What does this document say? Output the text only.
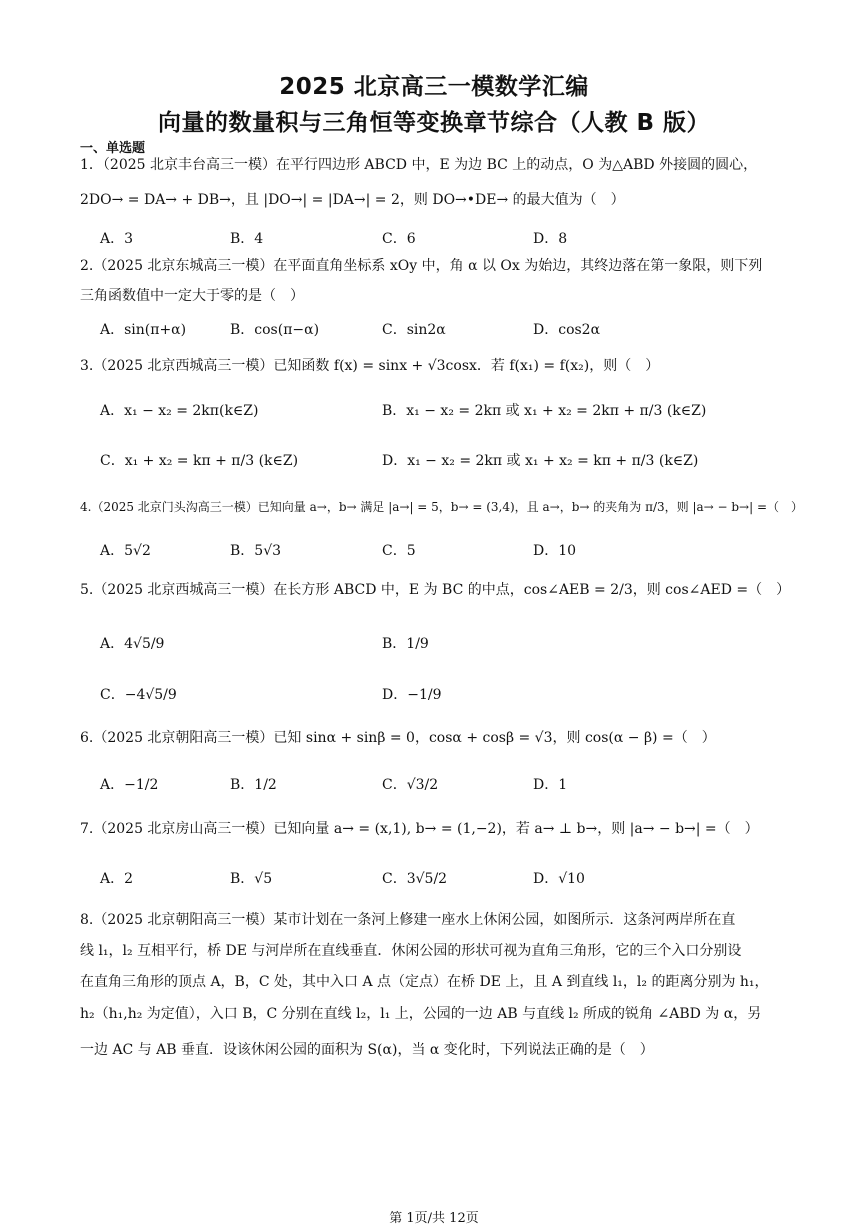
2025 北京高三一模数学汇编
向量的数量积与三角恒等变换章节综合（人教 B 版）
一、单选题
1．（2025 北京丰台高三一模）在平行四边形 ABCD 中，E 为边 BC 上的动点，O 为△ABD 外接圆的圆心，
2DO→ = DA→ + DB→，且 |DO→| = |DA→| = 2，则 DO→•DE→ 的最大值为（　）
A．3	B．4	C．6	D．8
2.（2025 北京东城高三一模）在平面直角坐标系 xOy 中，角 α 以 Ox 为始边，其终边落在第一象限，则下列
三角函数值中一定大于零的是（　）
A．sin(π+α)	B．cos(π−α)	C．sin2α	D．cos2α
3.（2025 北京西城高三一模）已知函数 f(x) = sinx + √3cosx．若 f(x₁) = f(x₂)，则（　）
A．x₁ − x₂ = 2kπ(k∈Z)	B．x₁ − x₂ = 2kπ 或 x₁ + x₂ = 2kπ + π/3 (k∈Z)
C．x₁ + x₂ = kπ + π/3 (k∈Z)	D．x₁ − x₂ = 2kπ 或 x₁ + x₂ = kπ + π/3 (k∈Z)
4.（2025 北京门头沟高三一模）已知向量 a→，b→ 满足 |a→| = 5，b→ = (3,4)，且 a→，b→ 的夹角为 π/3，则 |a→ − b→| =（　）
A．5√2	B．5√3	C．5	D．10
5.（2025 北京西城高三一模）在长方形 ABCD 中，E 为 BC 的中点，cos∠AEB = 2/3，则 cos∠AED =（　）
A．4√5/9	B．1/9
C．−4√5/9	D．−1/9
6.（2025 北京朝阳高三一模）已知 sinα + sinβ = 0，cosα + cosβ = √3，则 cos(α − β) =（　）
A．−1/2	B．1/2	C．√3/2	D．1
7.（2025 北京房山高三一模）已知向量 a→ = (x,1), b→ = (1,−2)，若 a→ ⊥ b→，则 |a→ − b→| =（　）
A．2	B．√5	C．3√5/2	D．√10
8.（2025 北京朝阳高三一模）某市计划在一条河上修建一座水上休闲公园，如图所示．这条河两岸所在直
线 l₁，l₂ 互相平行，桥 DE 与河岸所在直线垂直．休闲公园的形状可视为直角三角形，它的三个入口分别设
在直角三角形的顶点 A，B，C 处，其中入口 A 点（定点）在桥 DE 上，且 A 到直线 l₁，l₂ 的距离分别为 h₁，
h₂（h₁,h₂ 为定值），入口 B，C 分别在直线 l₂，l₁ 上，公园的一边 AB 与直线 l₂ 所成的锐角 ∠ABD 为 α，另
一边 AC 与 AB 垂直．设该休闲公园的面积为 S(α)，当 α 变化时，下列说法正确的是（　）
第 1页/共 12页
